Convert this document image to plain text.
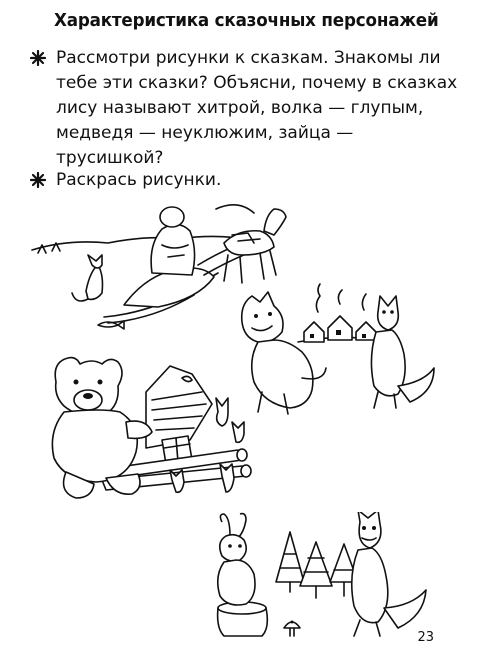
Характеристика сказочных персонажей
Рассмотри рисунки к сказкам. Знакомы ли тебе эти сказки? Объясни, почему в сказках лису называют хитрой, волка — глупым, медведя — неуклюжим, зайца — трусишкой?
Раскрась рисунки.
23
